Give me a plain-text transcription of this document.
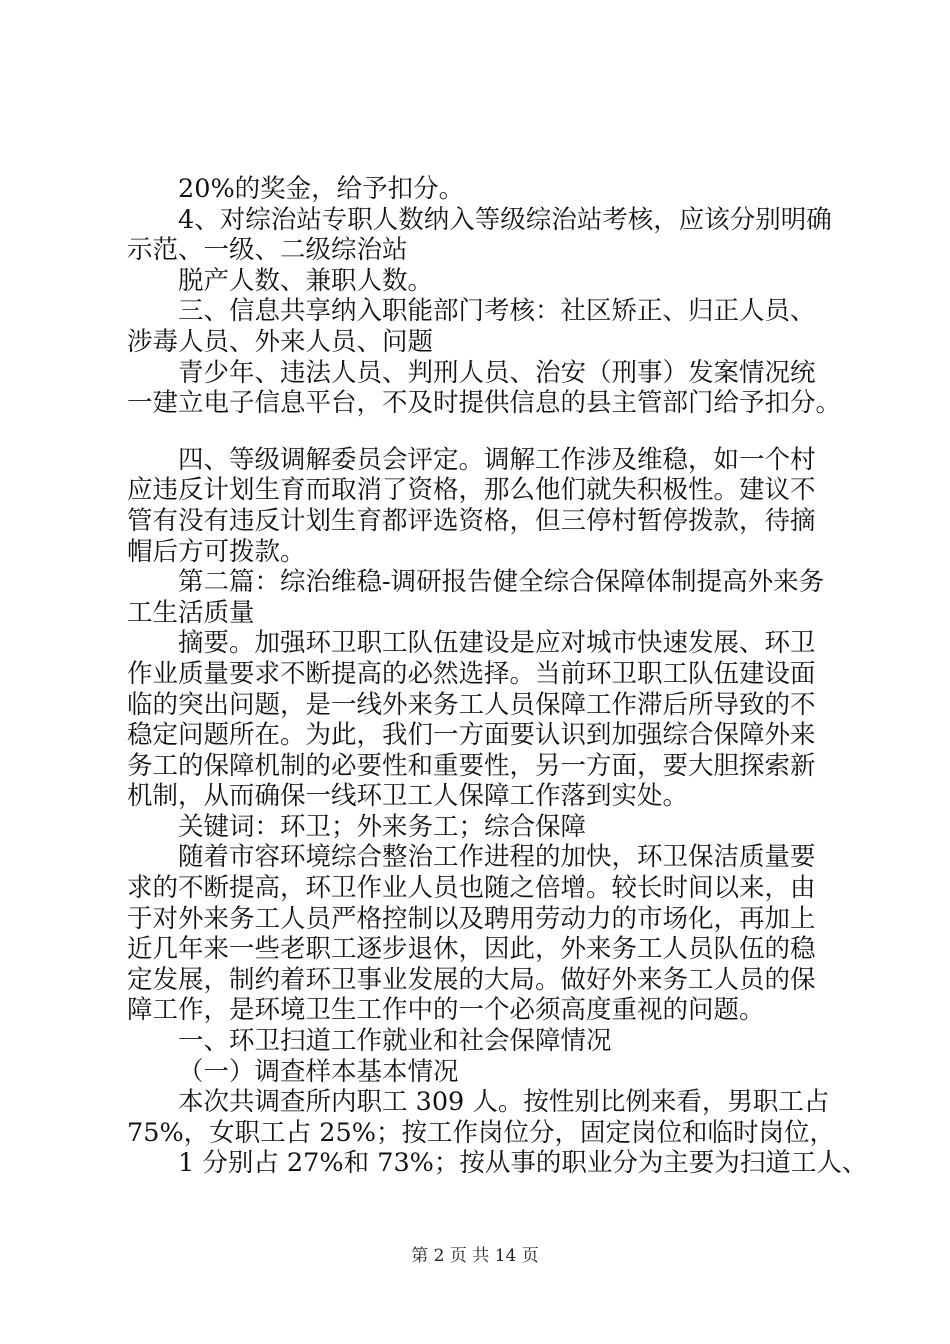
20%的奖金，给予扣分。
4、对综治站专职人数纳入等级综治站考核，应该分别明确
示范、一级、二级综治站
脱产人数、兼职人数。
三、信息共享纳入职能部门考核：社区矫正、归正人员、
涉毒人员、外来人员、问题
青少年、违法人员、判刑人员、治安（刑事）发案情况统
一建立电子信息平台，不及时提供信息的县主管部门给予扣分。
四、等级调解委员会评定。调解工作涉及维稳，如一个村
应违反计划生育而取消了资格，那么他们就失积极性。建议不
管有没有违反计划生育都评选资格，但三停村暂停拨款，待摘
帽后方可拨款。
第二篇：综治维稳-调研报告健全综合保障体制提高外来务
工生活质量
摘要。加强环卫职工队伍建设是应对城市快速发展、环卫
作业质量要求不断提高的必然选择。当前环卫职工队伍建设面
临的突出问题，是一线外来务工人员保障工作滞后所导致的不
稳定问题所在。为此，我们一方面要认识到加强综合保障外来
务工的保障机制的必要性和重要性，另一方面，要大胆探索新
机制，从而确保一线环卫工人保障工作落到实处。
关键词：环卫；外来务工；综合保障
随着市容环境综合整治工作进程的加快，环卫保洁质量要
求的不断提高，环卫作业人员也随之倍增。较长时间以来，由
于对外来务工人员严格控制以及聘用劳动力的市场化，再加上
近几年来一些老职工逐步退休，因此，外来务工人员队伍的稳
定发展，制约着环卫事业发展的大局。做好外来务工人员的保
障工作，是环境卫生工作中的一个必须高度重视的问题。
一、环卫扫道工作就业和社会保障情况
（一）调查样本基本情况
本次共调查所内职工 309 人。按性别比例来看，男职工占
75%，女职工占 25%；按工作岗位分，固定岗位和临时岗位，
1 分别占 27%和 73%；按从事的职业分为主要为扫道工人、
第 2 页 共 14 页
